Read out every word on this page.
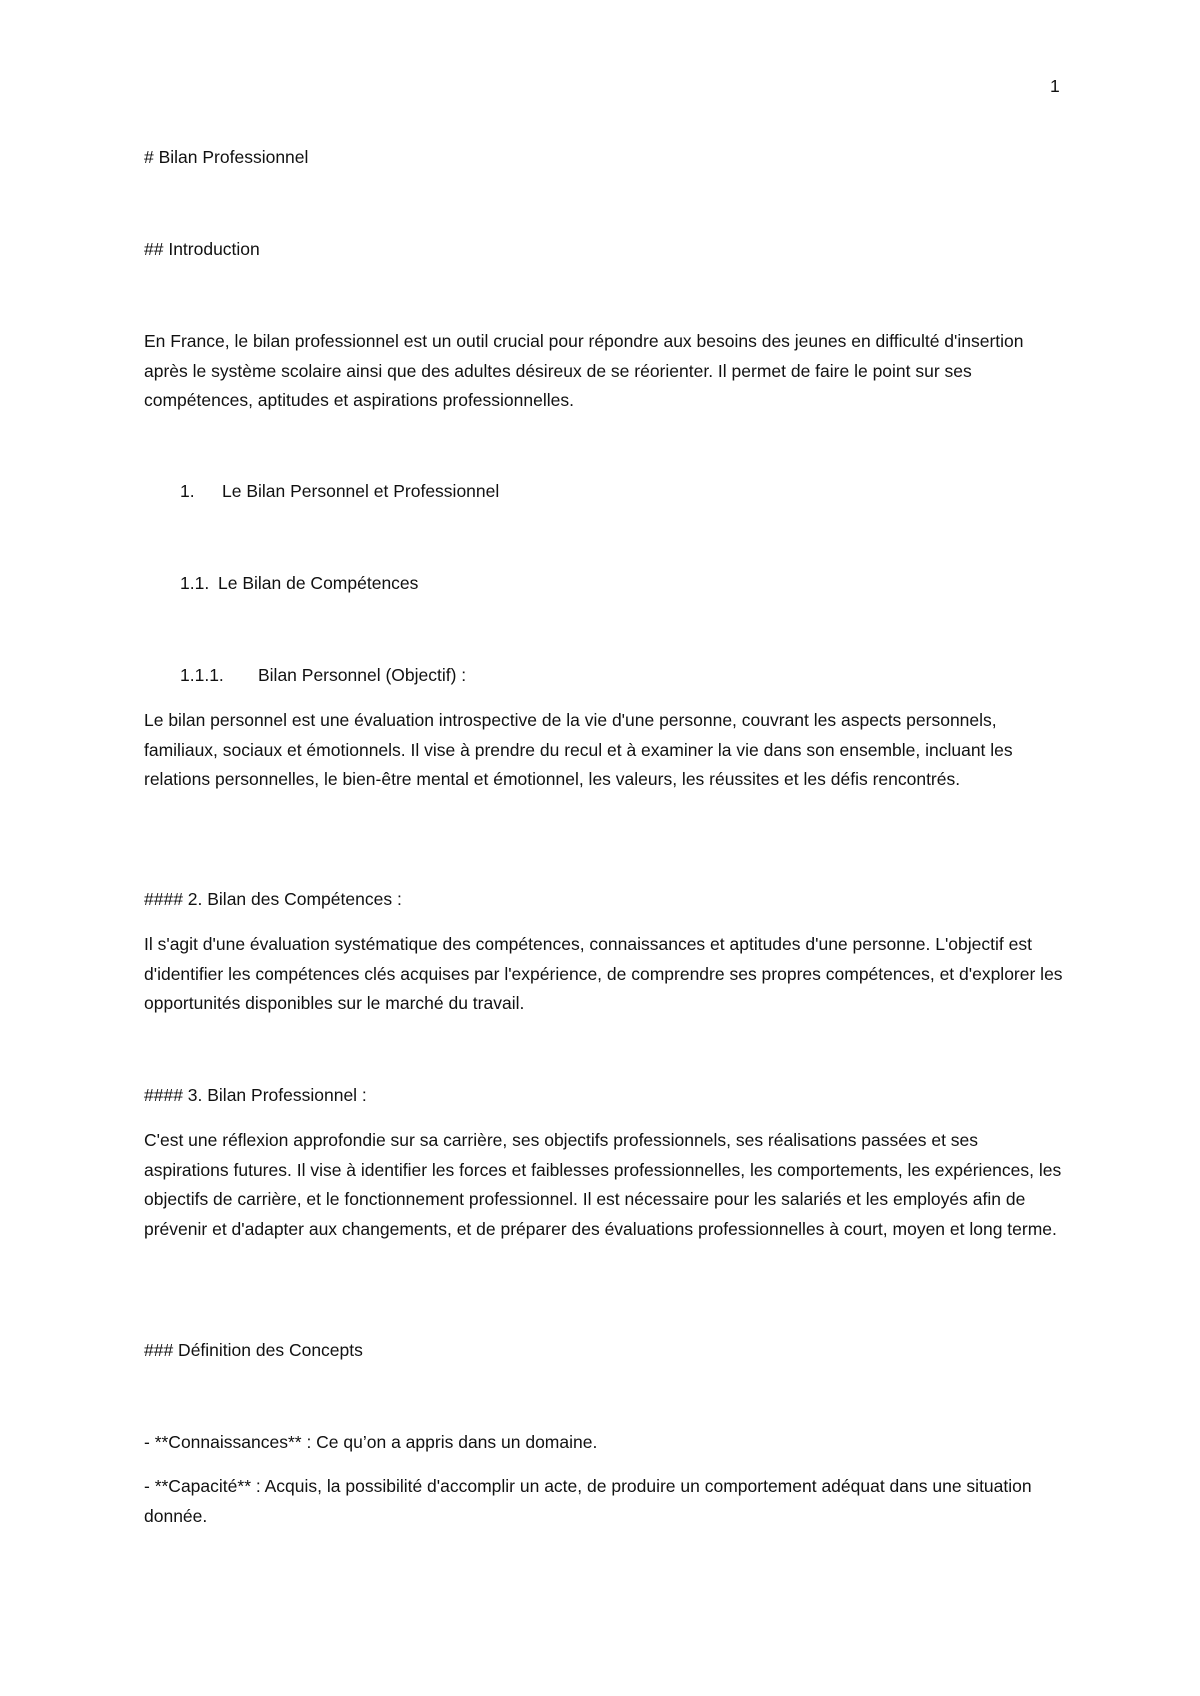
1
# Bilan Professionnel
## Introduction
En France, le bilan professionnel est un outil crucial pour répondre aux besoins des jeunes en difficulté d'insertion après le système scolaire ainsi que des adultes désireux de se réorienter. Il permet de faire le point sur ses compétences, aptitudes et aspirations professionnelles.
1. Le Bilan Personnel et Professionnel
1.1. Le Bilan de Compétences
1.1.1. Bilan Personnel (Objectif) :
Le bilan personnel est une évaluation introspective de la vie d'une personne, couvrant les aspects personnels, familiaux, sociaux et émotionnels. Il vise à prendre du recul et à examiner la vie dans son ensemble, incluant les relations personnelles, le bien-être mental et émotionnel, les valeurs, les réussites et les défis rencontrés.
#### 2. Bilan des Compétences :
Il s'agit d'une évaluation systématique des compétences, connaissances et aptitudes d'une personne. L'objectif est d'identifier les compétences clés acquises par l'expérience, de comprendre ses propres compétences, et d'explorer les opportunités disponibles sur le marché du travail.
#### 3. Bilan Professionnel :
C'est une réflexion approfondie sur sa carrière, ses objectifs professionnels, ses réalisations passées et ses aspirations futures. Il vise à identifier les forces et faiblesses professionnelles, les comportements, les expériences, les objectifs de carrière, et le fonctionnement professionnel. Il est nécessaire pour les salariés et les employés afin de prévenir et d'adapter aux changements, et de préparer des évaluations professionnelles à court, moyen et long terme.
### Définition des Concepts
- **Connaissances** : Ce qu’on a appris dans un domaine.
- **Capacité** : Acquis, la possibilité d'accomplir un acte, de produire un comportement adéquat dans une situation donnée.
